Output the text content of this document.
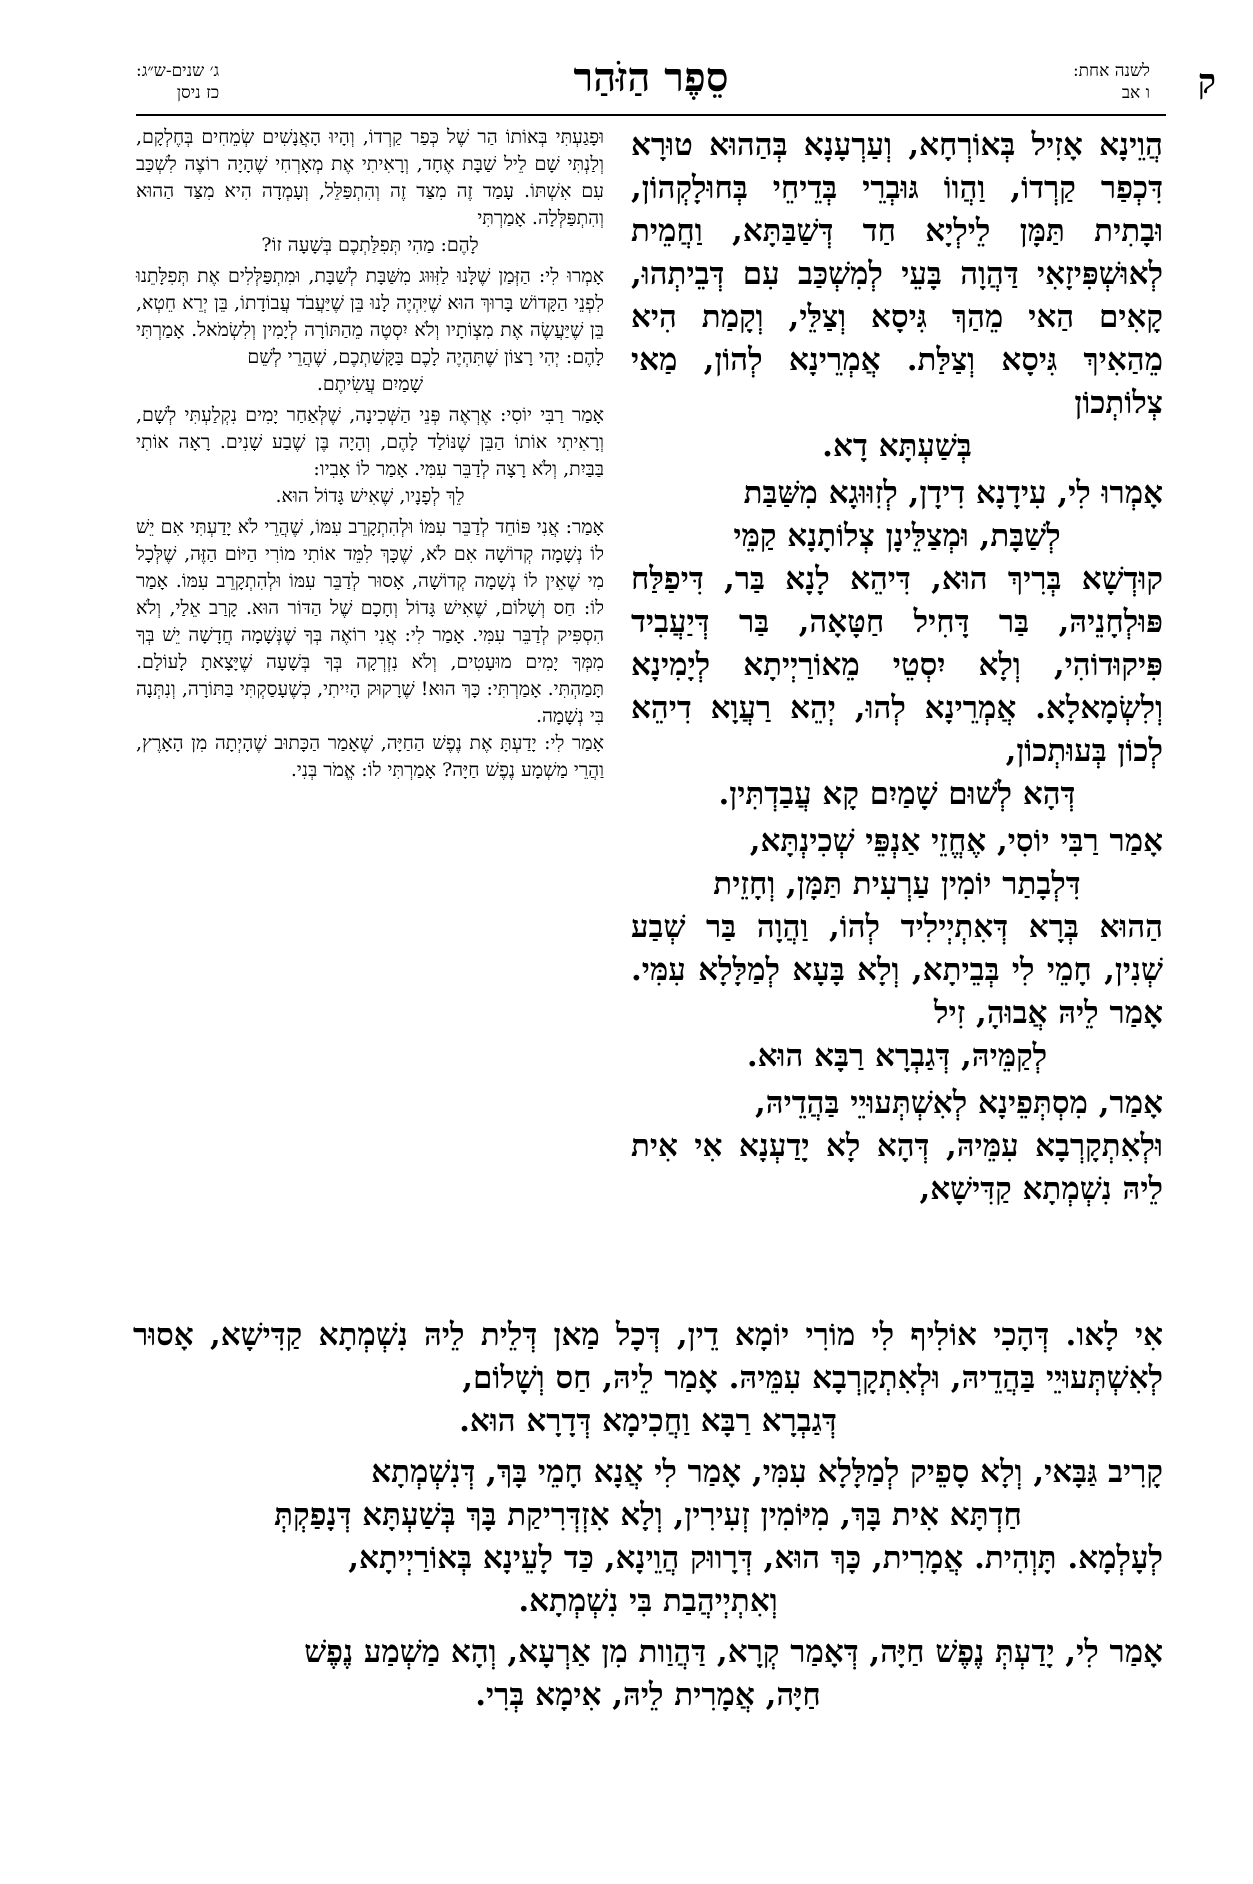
ק
לשנה אחת:
ו אב
סֵפֶר הַזֹּהַר
ג׳ שנים-ש״ג:
כז ניסן

הֲוֵינָא אָזִיל בְּאוֹרְחָא, וְעַרְעָנָא בְּהַהוּא טוּרָא דִּכְפַר קַרְדוֹ, וַהֲווֹ גּוּבְרֵי בְּדֵיחֵי בְּחוּלָקְהוֹן, וּבָתִית תַּמָּן לֵילְיָא חַד דְּשַׁבַּתָּא, וַחֲמֵית לְאוּשְׁפִּיזָאִי דַּהֲוָה בָּעֵי לְמִשְׁכַּב עִם דְּבֵיתְהוּ, קָאִים הַאי מֵהַךְ גִּיסָא וְצַלֵּי, וְקָמַת הִיא מֵהַאִיךְ גִּיסָא וְצַלַּת. אֲמְרֵינָא לְהוֹן, מַאי צְלוֹתְכוֹן

בְּשַׁעְתָּא דָא.

אָמְרוּ לִי, עִידָנָא דִידָן, לְזִוּוּגָא מִשַּׁבַּת

לְשַׁבָּת, וּמְצַלֵּינָן צְלוֹתָנָא קַמֵּי

קוּדְשָׁא בְּרִיךְ הוּא, דִּיהֵא לָנָא בַּר, דִּיפַלַּח פּוּלְחָנֵיהּ, בַּר דָּחִיל חַטָּאָה, בַּר דְּיַעֲבִיד פִּיקוּדוֹהִי, וְלָא יִסְטֵי מֵאוֹרַיְיתָא לְיָמִינָא וְלִשְׂמָאלָא. אֲמְרֵינָא לְהוּ, יְהֵא רַעֲוָא דִיהֵא לְכוֹן בְּעוּתְכוֹן,

דְּהָא לְשׁוּם שָׁמַיִם קָא עֲבַדְתִּין.

אָמַר רַבִּי יוֹסִי, אֶחֱזֵי אַנְפֵּי שְׁכִינְתָּא,

דִּלְבָתַר יוֹמִין עַרְעִית תַּמָּן, וְחָזֵית

הַהוּא בְּרָא דְּאִתְיְילִיד לְהוֹ, וַהֲוָה בַּר שְׁבַע שְׁנִין, חָמֵי לִי בְּבֵיתָא, וְלָא בָּעָא לְמַלָּלָא עִמִּי. אָמַר לֵיהּ אֲבוּהָ, זִיל

לְקַמֵּיהּ, דְּגַבְרָא רַבָּא הוּא.

אָמַר, מִסְתְּפֵינָא לְאִשְׁתְּעוּיֵי בַּהֲדֵיהּ,

וּלְאִתְקָרְבָא עִמֵּיהּ, דְּהָא לָא יָדַעְנָא אִי אִית לֵיהּ נִשְׁמְתָא קַדִּישָׁא,

וּפָגַעְתִּי בְּאוֹתוֹ הַר שֶׁל כְּפַר קַרְדוֹ, וְהָיוּ הָאֲנָשִׁים שְׂמֵחִים בְּחֶלְקָם, וְלַנְתִּי שָׁם לֵיל שַׁבָּת אֶחָד, וְרָאִיתִי אֶת מְאָרְחִי שֶׁהָיָה רוֹצֶה לִשְׁכַּב עִם אִשְׁתּוֹ. עָמַד זֶה מִצַּד זֶה וְהִתְפַּלֵּל, וְעָמְדָה הִיא מִצַּד הַהוּא וְהִתְפַּלְּלָה. אָמַרְתִּי

לָהֶם: מַהִי תְּפִלַּתְכֶם בְּשָׁעָה זוֹ?

אָמְרוּ לִי: הַזְּמַן שֶׁלָּנוּ לַזִּוּוּג מִשַּׁבָּת לְשַׁבָּת, וּמִתְפַּלְּלִים אֶת תְּפִלָּתֵנוּ לִפְנֵי הַקָּדוֹשׁ בָּרוּךְ הוּא שֶׁיִּהְיֶה לָנוּ בֵּן שֶׁיַּעֲבֹד עֲבוֹדָתוֹ, בֵּן יְרֵא חֵטְא, בֵּן שֶׁיַּעֲשֶׂה אֶת מִצְוֹתָיו וְלֹא יִסְטֶה מֵהַתּוֹרָה לְיָמִין וְלִשְׂמֹאל. אָמַרְתִּי לָהֶם: יְהִי רָצוֹן שֶׁתִּהְיֶה לָכֶם בַּקָּשַׁתְכֶם, שֶׁהֲרֵי לְשֵׁם

שָׁמַיִם עֲשִׂיתֶם.

אָמַר רַבִּי יוֹסִי: אֶרְאֶה פְּנֵי הַשְּׁכִינָה, שֶׁלְּאַחַר יָמִים נִקְלַעְתִּי לְשָׁם, וְרָאִיתִי אוֹתוֹ הַבֵּן שֶׁנּוֹלַד לָהֶם, וְהָיָה בֶּן שֶׁבַע שָׁנִים. רָאָה אוֹתִי בַּבַּיִת, וְלֹא רָצָה לְדַבֵּר עִמִּי. אָמַר לוֹ אָבִיו:

לֵךְ לְפָנָיו, שֶׁאִישׁ גָּדוֹל הוּא.

אָמַר: אֲנִי פּוֹחֵד לְדַבֵּר עִמּוֹ וּלְהִתְקָרֵב עִמּוֹ, שֶׁהֲרֵי לֹא יָדַעְתִּי אִם יֵשׁ לוֹ נְשָׁמָה קְדוֹשָׁה אִם לֹא, שֶׁכָּךְ לִמֵּד אוֹתִי מוֹרִי הַיּוֹם הַזֶּה, שֶׁלְּכָל מִי שֶׁאֵין לוֹ נְשָׁמָה קְדוֹשָׁה, אָסוּר לְדַבֵּר עִמּוֹ וּלְהִתְקָרֵב עִמּוֹ. אָמַר לוֹ: חַס וְשָׁלוֹם, שֶׁאִישׁ גָּדוֹל וְחָכָם שֶׁל הַדּוֹר הוּא. קָרַב אֵלַי, וְלֹא הִסְפִּיק לְדַבֵּר עִמִּי. אָמַר לִי: אֲנִי רוֹאֶה בְּךָ שֶׁנְּשָׁמָה חֲדָשָׁה יֵשׁ בְּךָ מִמְּךָ יָמִים מוּעָטִים, וְלֹא נִזְרְקָה בְּךָ בְּשָׁעָה שֶׁיָּצָאתָ לָעוֹלָם. תָּמַהְתִּי. אָמַרְתִּי: כָּךְ הוּא! שֶׁרָקוּק הָיִיתִי, כְּשֶׁעָסַקְתִּי בַּתּוֹרָה, וְנִתְּנָה בִּי נְשָׁמָה.

אָמַר לִי: יָדַעְתָּ אֶת נֶפֶשׁ הַחַיָּה, שֶׁאָמַר הַכָּתוּב שֶׁהָיְתָה מִן הָאָרֶץ, וַהֲרֵי מַשְׁמָע נֶפֶשׁ חַיָּה? אָמַרְתִּי לוֹ: אֱמֹר בְּנִי.

אִי לָאו. דְּהָכִי אוֹלִיף לִי מוֹרִי יוֹמָא דֵין, דְּכָל מַאן דְּלֵית לֵיהּ נִשְׁמְתָא קַדִּישָׁא, אָסוּר לְאִשְׁתְּעוּיֵי בַּהֲדֵיהּ, וּלְאִתְקָרְבָא עִמֵּיהּ. אָמַר לֵיהּ, חַס וְשָׁלוֹם,

דְּגַבְרָא רַבָּא וַחֲכִימָא דְּדָרָא הוּא.

קָרִיב גַּבָּאי, וְלָא סָפֵיק לְמַלָּלָא עִמִּי, אָמַר לִי אֲנָא חָמֵי בָּךְ, דְּנִשְׁמְתָא

חַדְתָּא אִית בָּךְ, מִיּוֹמִין זְעִירִין, וְלָא אִזְדְּרִיקַת בָּךְ בְּשַׁעְתָּא דְּנָפַקְתְּ

לְעָלְמָא. תָּוְהִית. אֲמָרִית, כָּךְ הוּא, דְּרָווּק הֲוֵינָא, כַּד לָעֵינָא בְּאוֹרַיְיתָא,

וְאִתְיְיהֲבַת בִּי נִשְׁמְתָא.

אָמַר לִי, יָדַעְתְּ נֶפֶשׁ חַיָּה, דְּאָמַר קְרָא, דַּהֲוַות מִן אַרְעָא, וְהָא מַשְׁמַע נֶפֶשׁ

חַיָּה, אֲמָרִית לֵיהּ, אִימָא בְּרִי.
